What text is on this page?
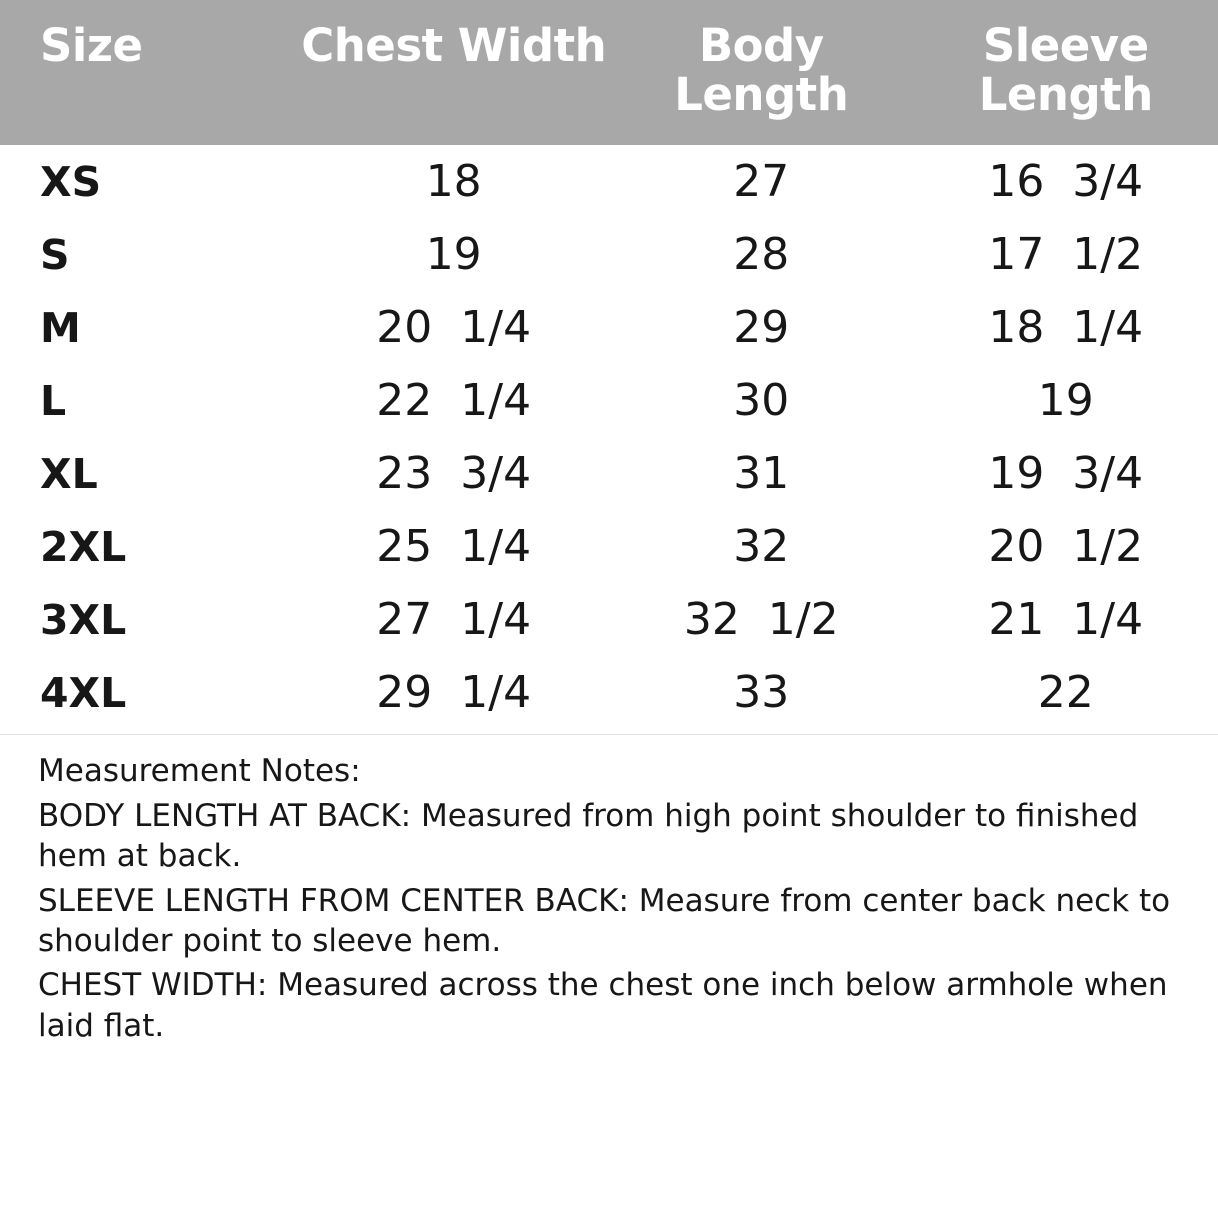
Size	Chest Width	Body Length	Sleeve Length
XS	18	27	16  3/4
S	19	28	17  1/2
M	20  1/4	29	18  1/4
L	22  1/4	30	19
XL	23  3/4	31	19  3/4
2XL	25  1/4	32	20  1/2
3XL	27  1/4	32  1/2	21  1/4
4XL	29  1/4	33	22
Measurement Notes:
BODY LENGTH AT BACK: Measured from high point shoulder to finished hem at back.
SLEEVE LENGTH FROM CENTER BACK: Measure from center back neck to shoulder point to sleeve hem.
CHEST WIDTH: Measured across the chest one inch below armhole when laid flat.
